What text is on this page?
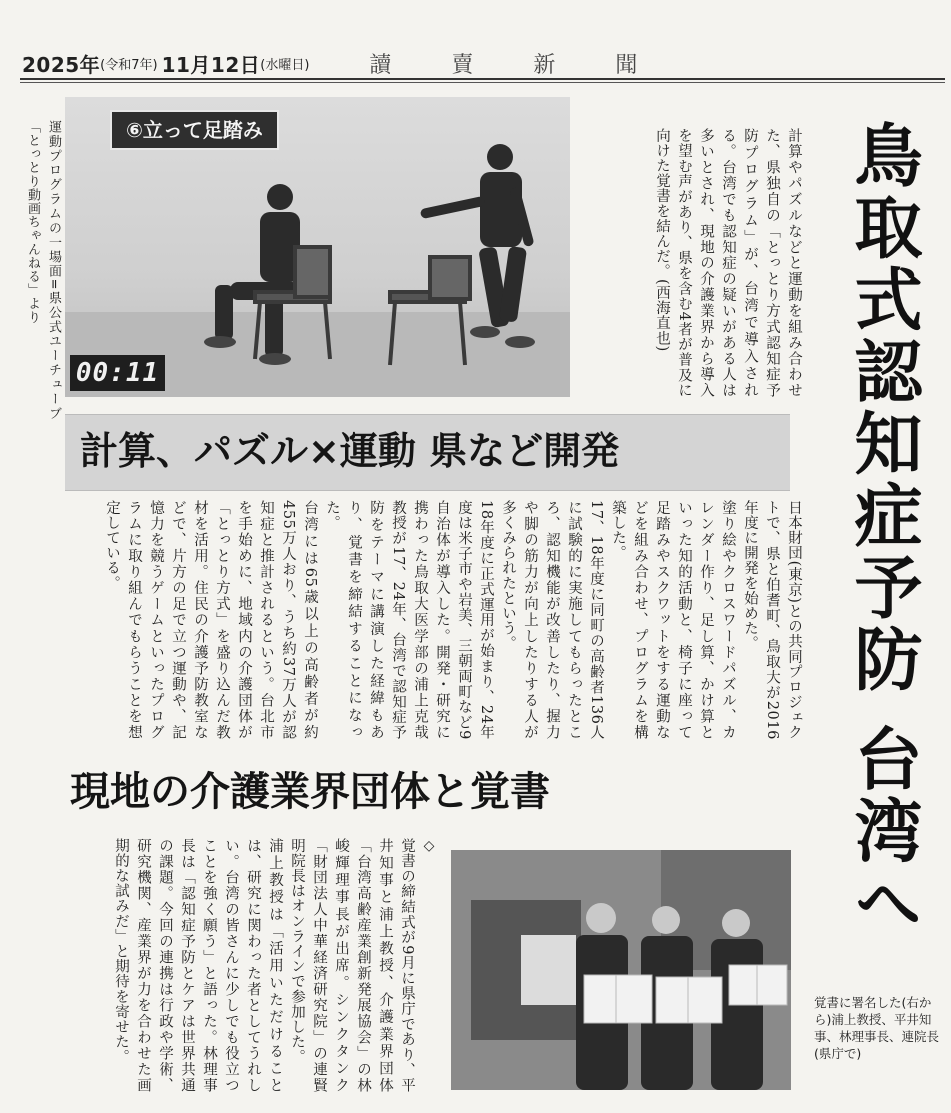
2025年 (令和7年) 11月12日 (水曜日)	讀賣新聞
鳥取式認知症予防 台湾へ
計算やパズルなどと運動を組み合わせた、県独自の「とっとり方式認知症予防プログラム」が、台湾で導入される。台湾でも認知症の疑いがある人は多いとされ、現地の介護業界から導入を望む声があり、県を含む4者が普及に向けた覚書を結んだ。(西海直也)
⑥立って足踏み
00:11
運動プログラムの一場面=県公式ユーチューブ「とっとり動画ちゃんねる」より
計算、パズル×運動 県など開発
日本財団(東京)との共同プロジェクトで、県と伯耆町、鳥取大が2016年度に開発を始めた。
塗り絵やクロスワードパズル、カレンダー作り、足し算、かけ算といった知的活動と、椅子に座って足踏みやスクワットをする運動などを組み合わせ、プログラムを構築した。
17、18年度に同町の高齢者136人に試験的に実施してもらったところ、認知機能が改善したり、握力や脚の筋力が向上したりする人が多くみられたという。
18年度に正式運用が始まり、24年度は米子市や岩美、三朝両町など9自治体が導入した。開発・研究に携わった鳥取大医学部の浦上克哉教授が17、24年、台湾で認知症予防をテーマに講演した経緯もあり、覚書を締結することになった。
台湾には65歳以上の高齢者が約455万人おり、うち約37万人が認知症と推計されるという。台北市を手始めに、地域内の介護団体が「とっとり方式」を盛り込んだ教材を活用。住民の介護予防教室などで、片方の足で立つ運動や、記憶力を競うゲームといったプログラムに取り組んでもらうことを想定している。
現地の介護業界団体と覚書
◇
覚書の締結式が9月に県庁であり、平井知事と浦上教授、介護業界団体「台湾高齢産業創新発展協会」の林峻輝理事長が出席。シンクタンク「財団法人中華経済研究院」の連賢明院長はオンラインで参加した。
浦上教授は「活用いただけることは、研究に関わった者としてうれしい。台湾の皆さんに少しでも役立つことを強く願う」と語った。林理事長は「認知症予防とケアは世界共通の課題。今回の連携は行政や学術、研究機関、産業界が力を合わせた画期的な試みだ」と期待を寄せた。	覚書に署名した(右から)浦上教授、平井知事、林理事長、連院長(県庁で)
